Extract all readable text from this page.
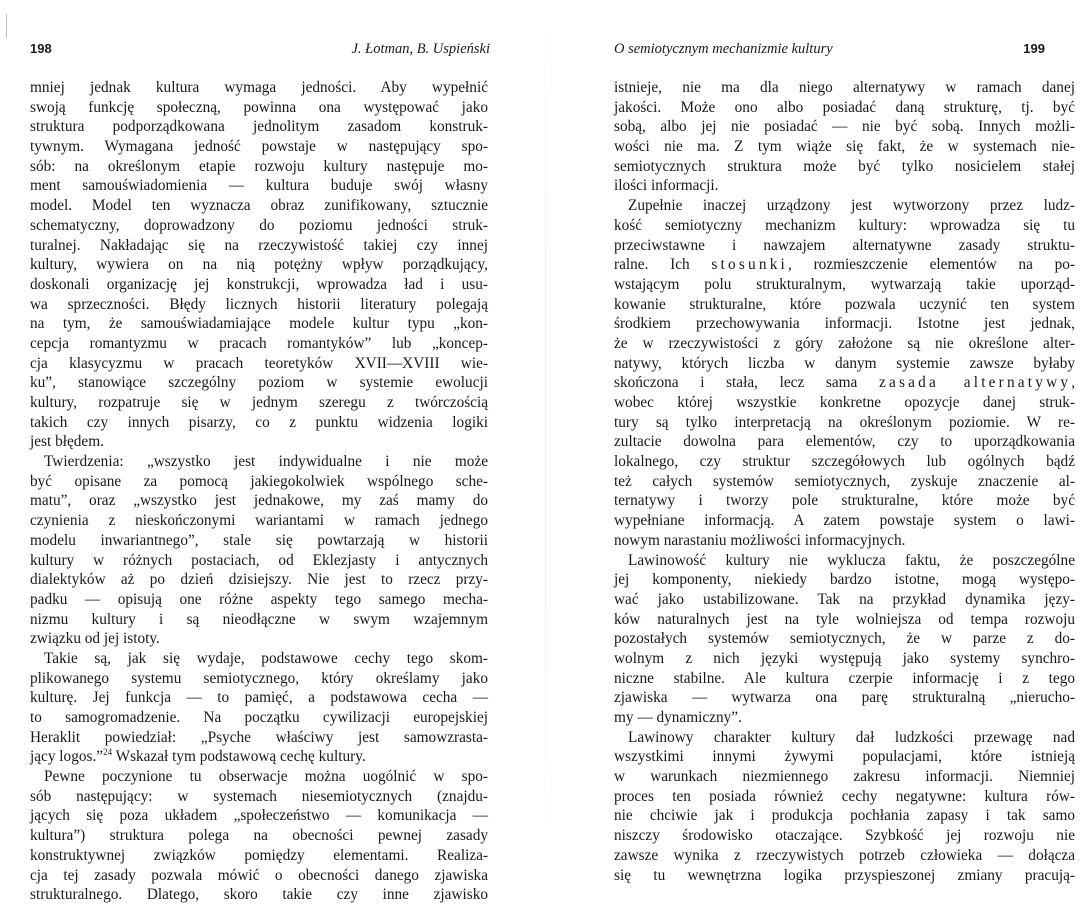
198	J. Łotman, B. Uspieński
mniej jednak kultura wymaga jedności. Aby wypełnić
swoją funkcję społeczną, powinna ona występować jako
struktura podporządkowana jednolitym zasadom konstruk-
tywnym. Wymagana jedność powstaje w następujący spo-
sób: na określonym etapie rozwoju kultury następuje mo-
ment samouświadomienia — kultura buduje swój własny
model. Model ten wyznacza obraz zunifikowany, sztucznie
schematyczny, doprowadzony do poziomu jedności struk-
turalnej. Nakładając się na rzeczywistość takiej czy innej
kultury, wywiera on na nią potężny wpływ porządkujący,
doskonali organizację jej konstrukcji, wprowadza ład i usu-
wa sprzeczności. Błędy licznych historii literatury polegają
na tym, że samouświadamiające modele kultur typu „kon-
cepcja romantyzmu w pracach romantyków” lub „koncep-
cja klasycyzmu w pracach teoretyków XVII—XVIII wie-
ku”, stanowiące szczególny poziom w systemie ewolucji
kultury, rozpatruje się w jednym szeregu z twórczością
takich czy innych pisarzy, co z punktu widzenia logiki
jest błędem.
Twierdzenia: „wszystko jest indywidualne i nie może
być opisane za pomocą jakiegokolwiek wspólnego sche-
matu”, oraz „wszystko jest jednakowe, my zaś mamy do
czynienia z nieskończonymi wariantami w ramach jednego
modelu inwariantnego”, stale się powtarzają w historii
kultury w różnych postaciach, od Eklezjasty i antycznych
dialektyków aż po dzień dzisiejszy. Nie jest to rzecz przy-
padku — opisują one różne aspekty tego samego mecha-
nizmu kultury i są nieodłączne w swym wzajemnym
związku od jej istoty.
Takie są, jak się wydaje, podstawowe cechy tego skom-
plikowanego systemu semiotycznego, który określamy jako
kulturę. Jej funkcja — to pamięć, a podstawowa cecha —
to samogromadzenie. Na początku cywilizacji europejskiej
Heraklit powiedział: „Psyche właściwy jest samowzrasta-
jący logos.”$^{24}$ Wskazał tym podstawową cechę kultury.
Pewne poczynione tu obserwacje można uogólnić w spo-
sób następujący: w systemach niesemiotycznych (znajdu-
jących się poza układem „społeczeństwo — komunikacja —
kultura”) struktura polega na obecności pewnej zasady
konstruktywnej związków pomiędzy elementami. Realiza-
cja tej zasady pozwala mówić o obecności danego zjawiska
strukturalnego. Dlatego, skoro takie czy inne zjawisko
O semiotycznym mechanizmie kultury	199
istnieje, nie ma dla niego alternatywy w ramach danej
jakości. Może ono albo posiadać daną strukturę, tj. być
sobą, albo jej nie posiadać — nie być sobą. Innych możli-
wości nie ma. Z tym wiąże się fakt, że w systemach nie-
semiotycznych struktura może być tylko nosicielem stałej
ilości informacji.
Zupełnie inaczej urządzony jest wytworzony przez ludz-
kość semiotyczny mechanizm kultury: wprowadza się tu
przeciwstawne i nawzajem alternatywne zasady struktu-
ralne. Ich stosunki, rozmieszczenie elementów na po-
wstającym polu strukturalnym, wytwarzają takie uporząd-
kowanie strukturalne, które pozwala uczynić ten system
środkiem przechowywania informacji. Istotne jest jednak,
że w rzeczywistości z góry założone są nie określone alter-
natywy, których liczba w danym systemie zawsze byłaby
skończona i stała, lecz sama zasada alternatywy,
wobec której wszystkie konkretne opozycje danej struk-
tury są tylko interpretacją na określonym poziomie. W re-
zultacie dowolna para elementów, czy to uporządkowania
lokalnego, czy struktur szczegółowych lub ogólnych bądź
też całych systemów semiotycznych, zyskuje znaczenie al-
ternatywy i tworzy pole strukturalne, które może być
wypełniane informacją. A zatem powstaje system o lawi-
nowym narastaniu możliwości informacyjnych.
Lawinowość kultury nie wyklucza faktu, że poszczególne
jej komponenty, niekiedy bardzo istotne, mogą występo-
wać jako ustabilizowane. Tak na przykład dynamika języ-
ków naturalnych jest na tyle wolniejsza od tempa rozwoju
pozostałych systemów semiotycznych, że w parze z do-
wolnym z nich języki występują jako systemy synchro-
niczne stabilne. Ale kultura czerpie informację i z tego
zjawiska — wytwarza ona parę strukturalną „nierucho-
my — dynamiczny”.
Lawinowy charakter kultury dał ludzkości przewagę nad
wszystkimi innymi żywymi populacjami, które istnieją
w warunkach niezmiennego zakresu informacji. Niemniej
proces ten posiada również cechy negatywne: kultura rów-
nie chciwie jak i produkcja pochłania zapasy i tak samo
niszczy środowisko otaczające. Szybkość jej rozwoju nie
zawsze wynika z rzeczywistych potrzeb człowieka — dołącza
się tu wewnętrzna logika przyspieszonej zmiany pracują-
